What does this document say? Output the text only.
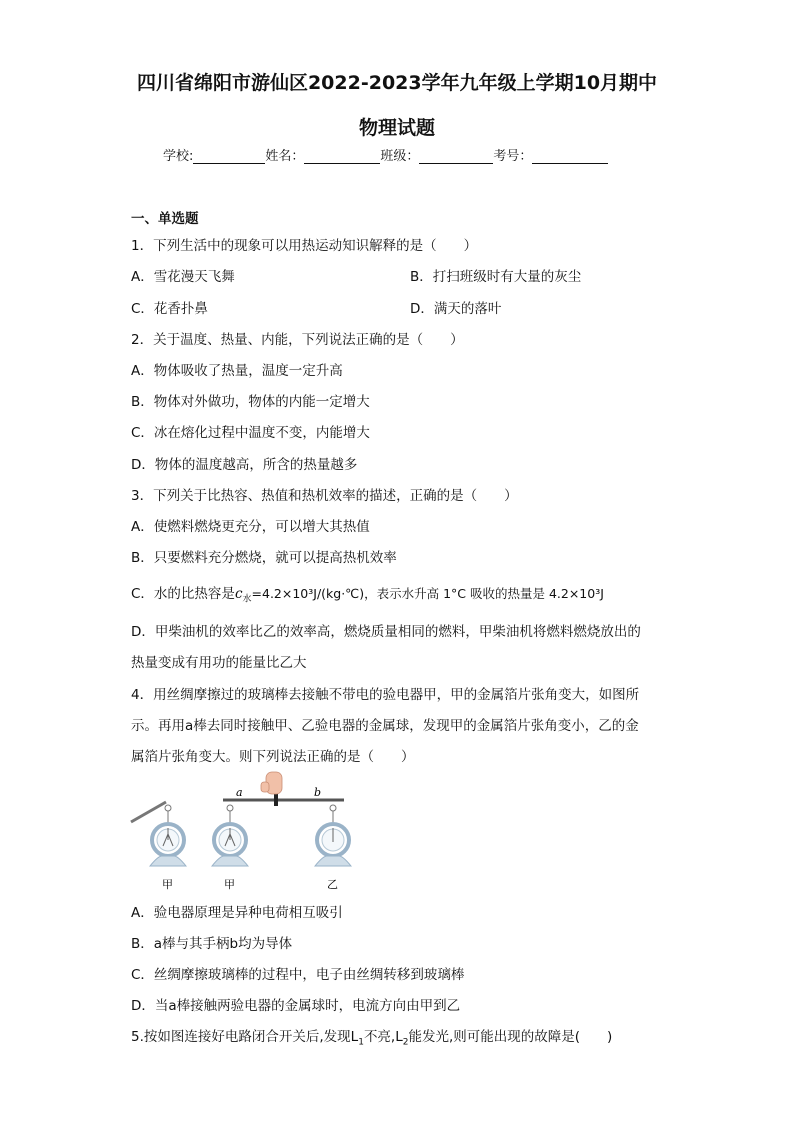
四川省绵阳市游仙区2022-2023学年九年级上学期10月期中
物理试题
学校:	姓名：	班级：	考号：
一、单选题
1．下列生活中的现象可以用热运动知识解释的是（　　）
A．雪花漫天飞舞	B．打扫班级时有大量的灰尘
C．花香扑鼻	D．满天的落叶
2．关于温度、热量、内能，下列说法正确的是（　　）
A．物体吸收了热量，温度一定升高
B．物体对外做功，物体的内能一定增大
C．冰在熔化过程中温度不变，内能增大
D．物体的温度越高，所含的热量越多
3．下列关于比热容、热值和热机效率的描述，正确的是（　　）
A．使燃料燃烧更充分，可以增大其热值
B．只要燃料充分燃烧，就可以提高热机效率
C．水的比热容是$c_水=4.2\times 10^3J/(kg\cdot℃)$，表示水升高 1°C 吸收的热量是 4.2×10³J
D．甲柴油机的效率比乙的效率高，燃烧质量相同的燃料，甲柴油机将燃料燃烧放出的
热量变成有用功的能量比乙大
4．用丝绸摩擦过的玻璃棒去接触不带电的验电器甲，甲的金属箔片张角变大，如图所
示。再用a棒去同时接触甲、乙验电器的金属球，发现甲的金属箔片张角变小，乙的金
属箔片张角变大。则下列说法正确的是（　　）
a	b
甲	甲	乙
A．验电器原理是异种电荷相互吸引
B．a棒与其手柄b均为导体
C．丝绸摩擦玻璃棒的过程中，电子由丝绸转移到玻璃棒
D．当a棒接触两验电器的金属球时，电流方向由甲到乙
5.按如图连接好电路闭合开关后,发现$L_1$不亮$,L_2$能发光,则可能出现的故障是(　　)
